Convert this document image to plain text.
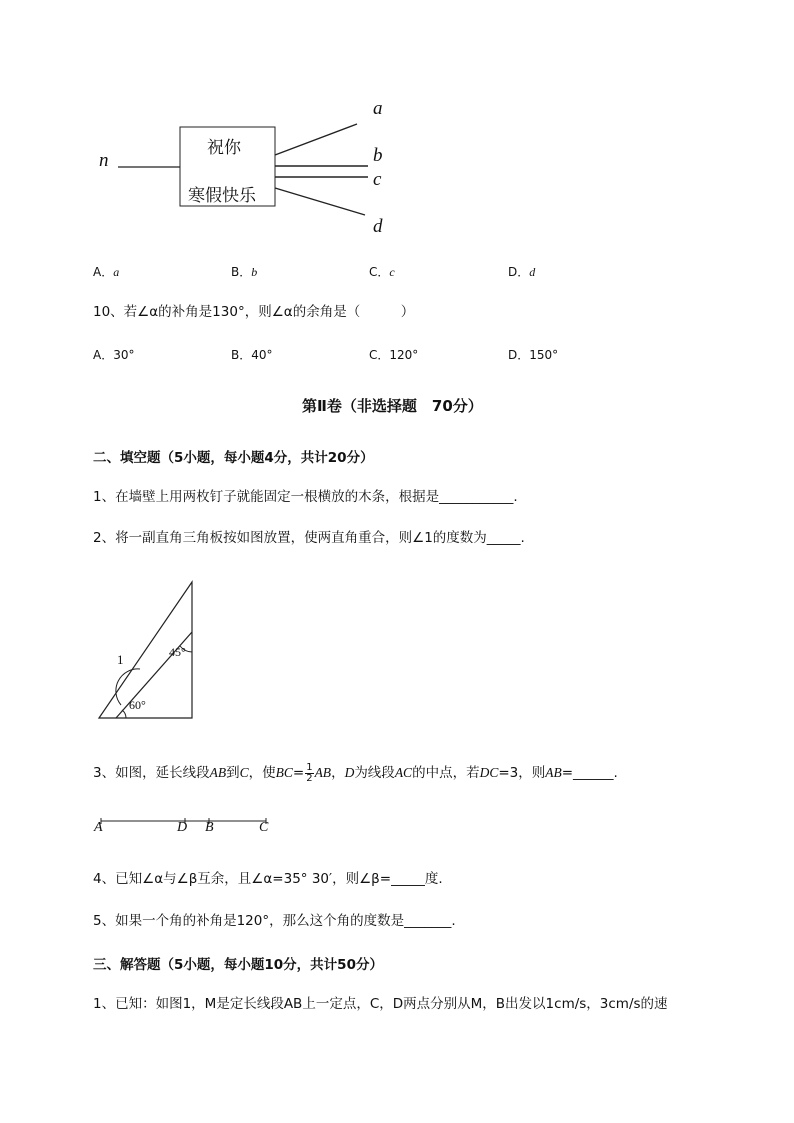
祝你
寒假快乐
n
a
b
c
d
A．a	B．b	C．c	D．d
10、若∠α的补角是130°，则∠α的余角是（　　　）
A．30°	B．40°	C．120°	D．150°
第Ⅱ卷（非选择题　70分）
二、填空题（5小题，每小题4分，共计20分）
1、在墙壁上用两枚钉子就能固定一根横放的木条，根据是___________.
2、将一副直角三角板按如图放置，使两直角重合，则∠1的度数为_____.
1	45°
60°
3、如图，延长线段AB到C，使$BC= \frac{1}{2}$ AB，D为线段AC的中点，若DC=3，则AB=______.
A	D B	C
4、已知∠α与∠β互余，且∠α=35° 30′，则∠β=_____度.
5、如果一个角的补角是120°，那么这个角的度数是_______.
三、解答题（5小题，每小题10分，共计50分）
1、已知：如图1，M是定长线段AB上一定点，C，D两点分别从M，B出发以1cm/s，3cm/s的速
